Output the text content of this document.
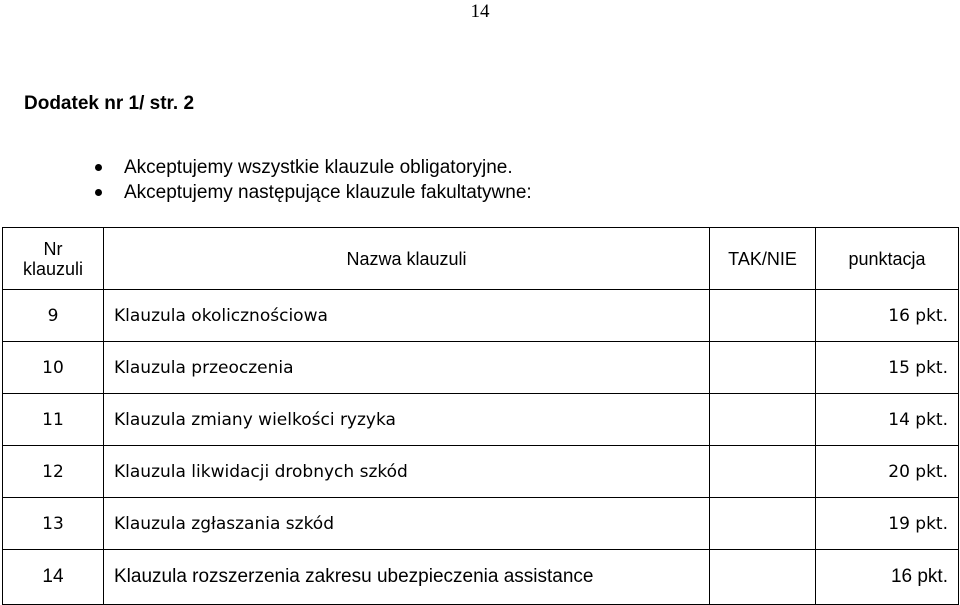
14
Dodatek nr 1/ str. 2
Akceptujemy wszystkie klauzule obligatoryjne.
Akceptujemy następujące klauzule fakultatywne:
Nr
klauzuli	Nazwa klauzuli	TAK/NIE	punktacja
9	Klauzula okolicznościowa		16 pkt.
10	Klauzula przeoczenia		15 pkt.
11	Klauzula zmiany wielkości ryzyka		14 pkt.
12	Klauzula likwidacji drobnych szkód		20 pkt.
13	Klauzula zgłaszania szkód		19 pkt.
14	Klauzula rozszerzenia zakresu ubezpieczenia assistance		16 pkt.
